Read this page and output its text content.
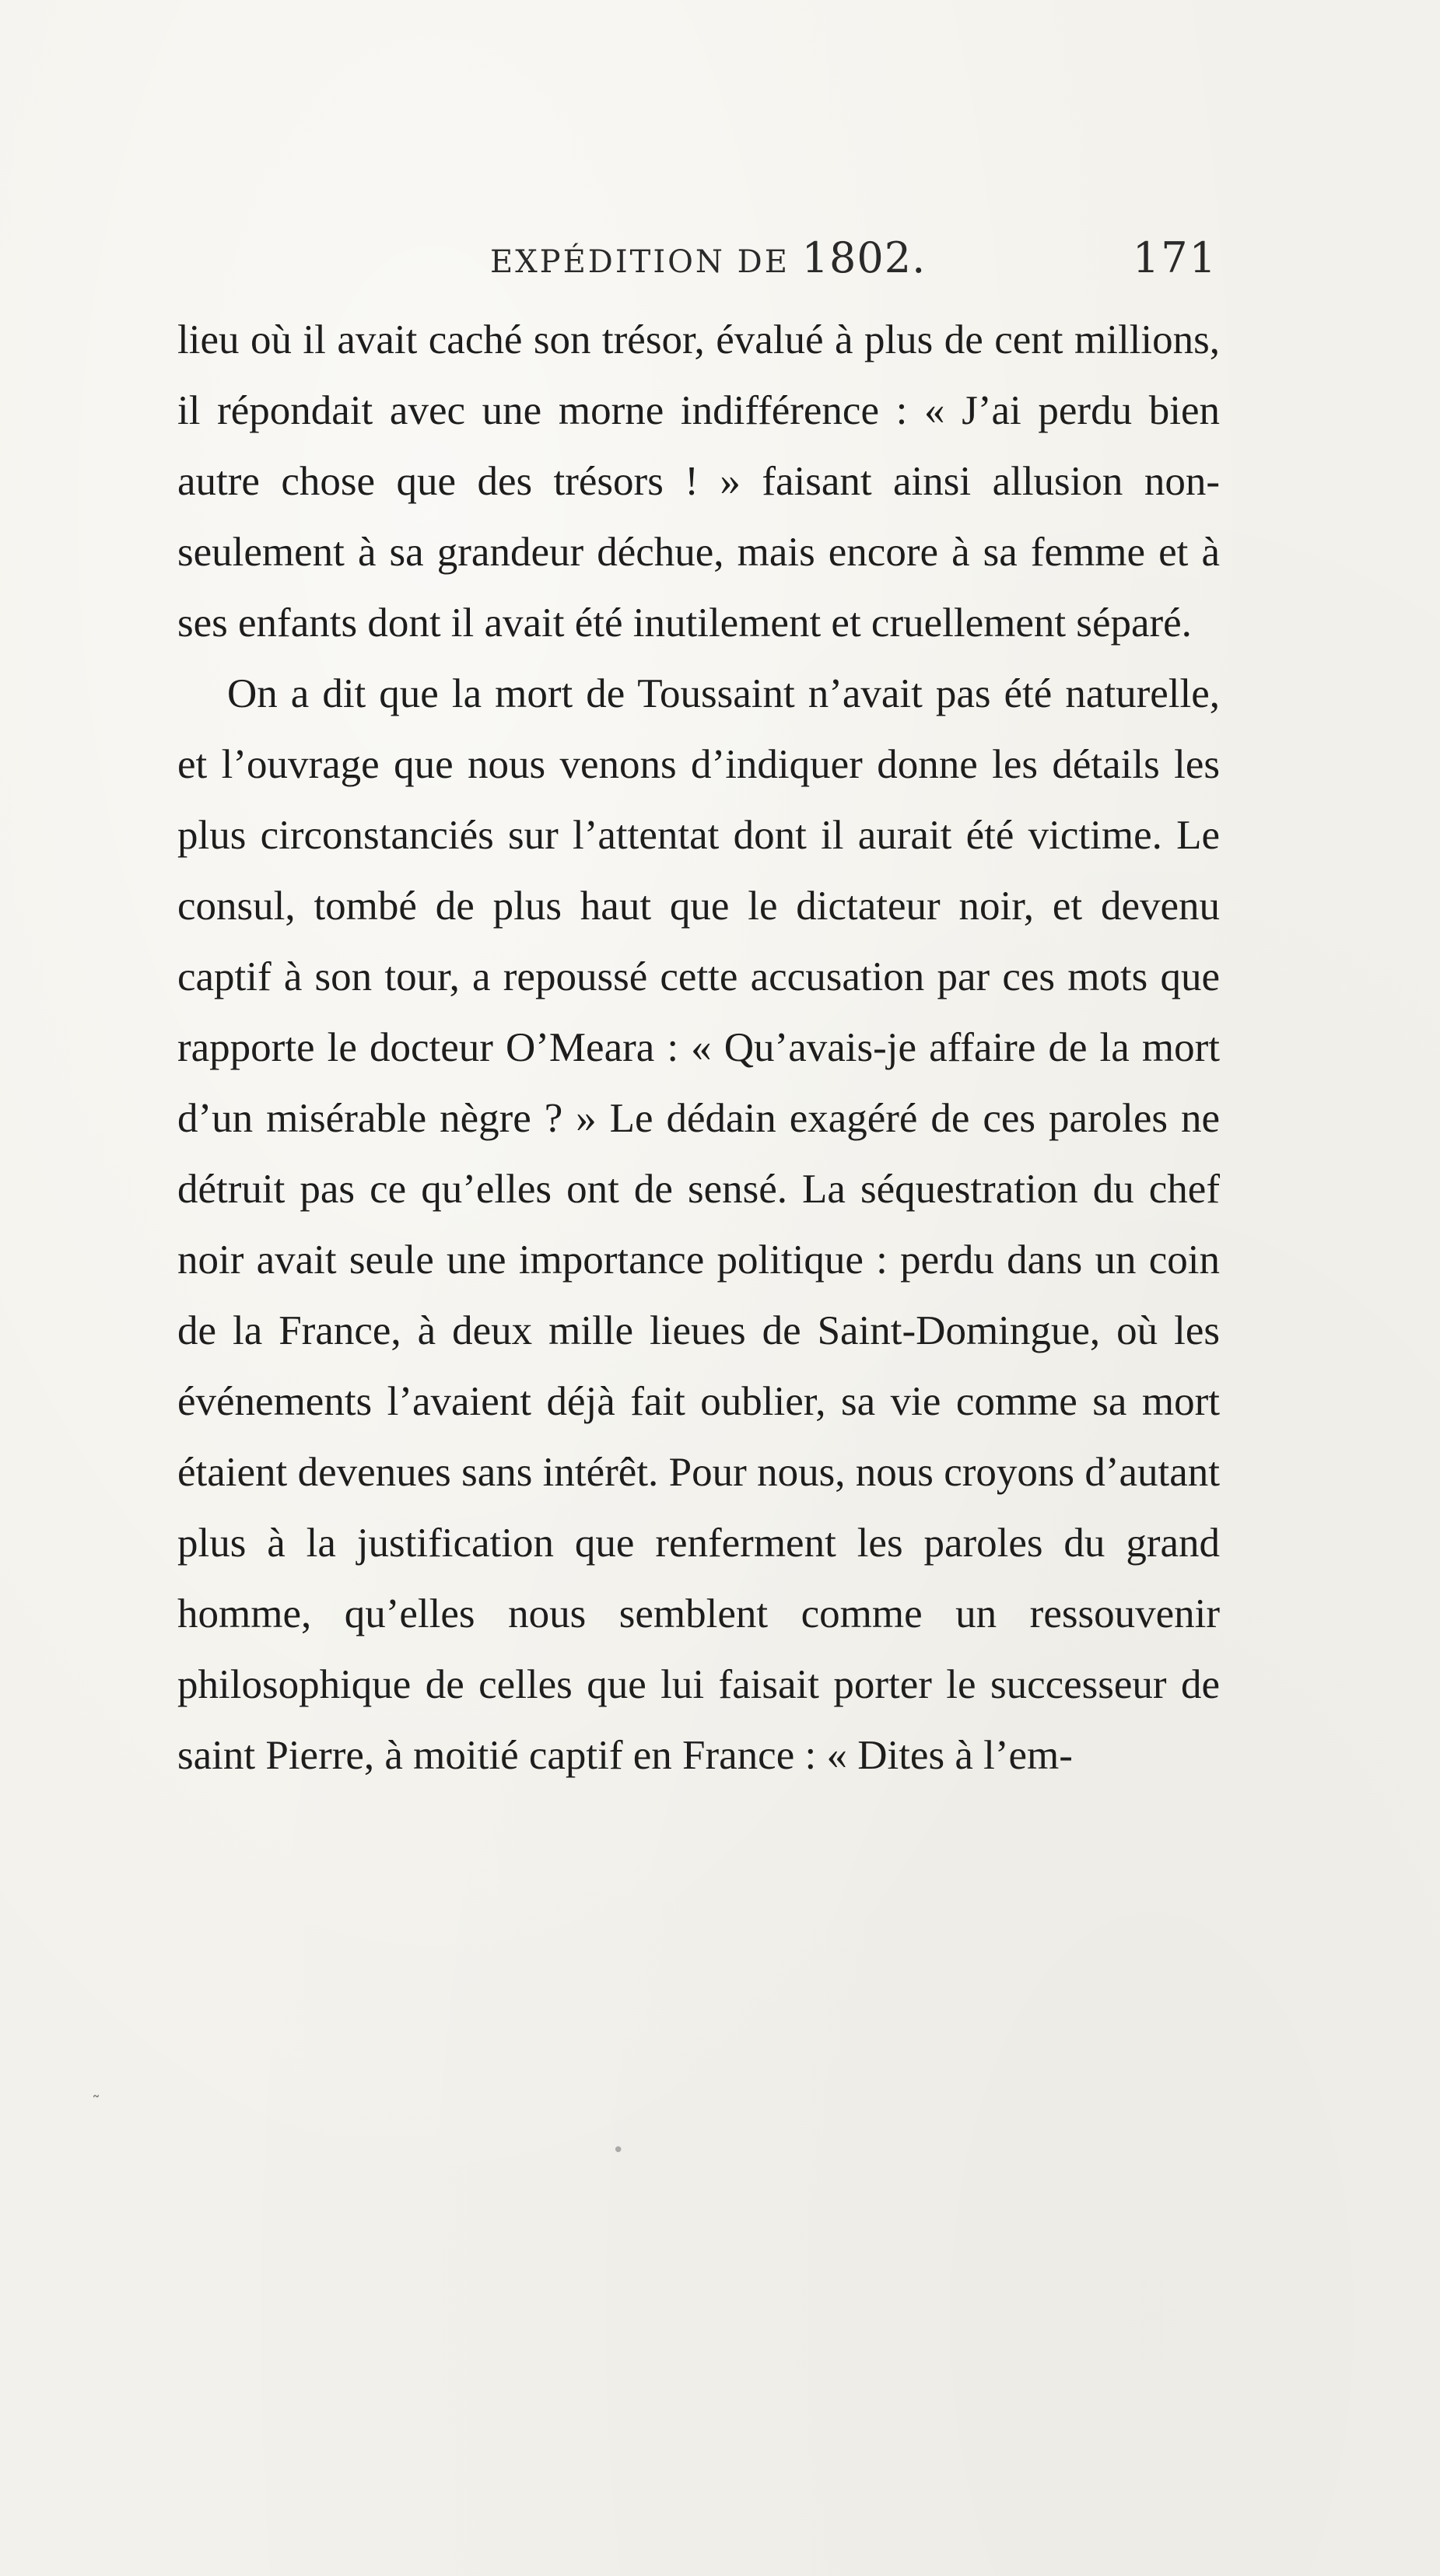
EXPÉDITION DE 1802.	171

lieu où il avait caché son trésor, évalué à plus de cent millions, il répondait avec une morne indifférence : « J’ai perdu bien autre chose que des trésors ! » faisant ainsi allusion non-seulement à sa grandeur déchue, mais encore à sa femme et à ses enfants dont il avait été inutilement et cruellement séparé.

On a dit que la mort de Toussaint n’avait pas été naturelle, et l’ouvrage que nous venons d’indiquer donne les détails les plus circonstanciés sur l’attentat dont il aurait été victime. Le consul, tombé de plus haut que le dictateur noir, et devenu captif à son tour, a repoussé cette accusation par ces mots que rapporte le docteur O’Meara : « Qu’avais-je affaire de la mort d’un misérable nègre ? » Le dédain exagéré de ces paroles ne détruit pas ce qu’elles ont de sensé. La séquestration du chef noir avait seule une importance politique : perdu dans un coin de la France, à deux mille lieues de Saint-Domingue, où les événements l’avaient déjà fait oublier, sa vie comme sa mort étaient devenues sans intérêt. Pour nous, nous croyons d’autant plus à la justification que renferment les paroles du grand homme, qu’elles nous semblent comme un ressouvenir philosophique de celles que lui faisait porter le successeur de saint Pierre, à moitié captif en France : « Dites à l’em-

˜
•
